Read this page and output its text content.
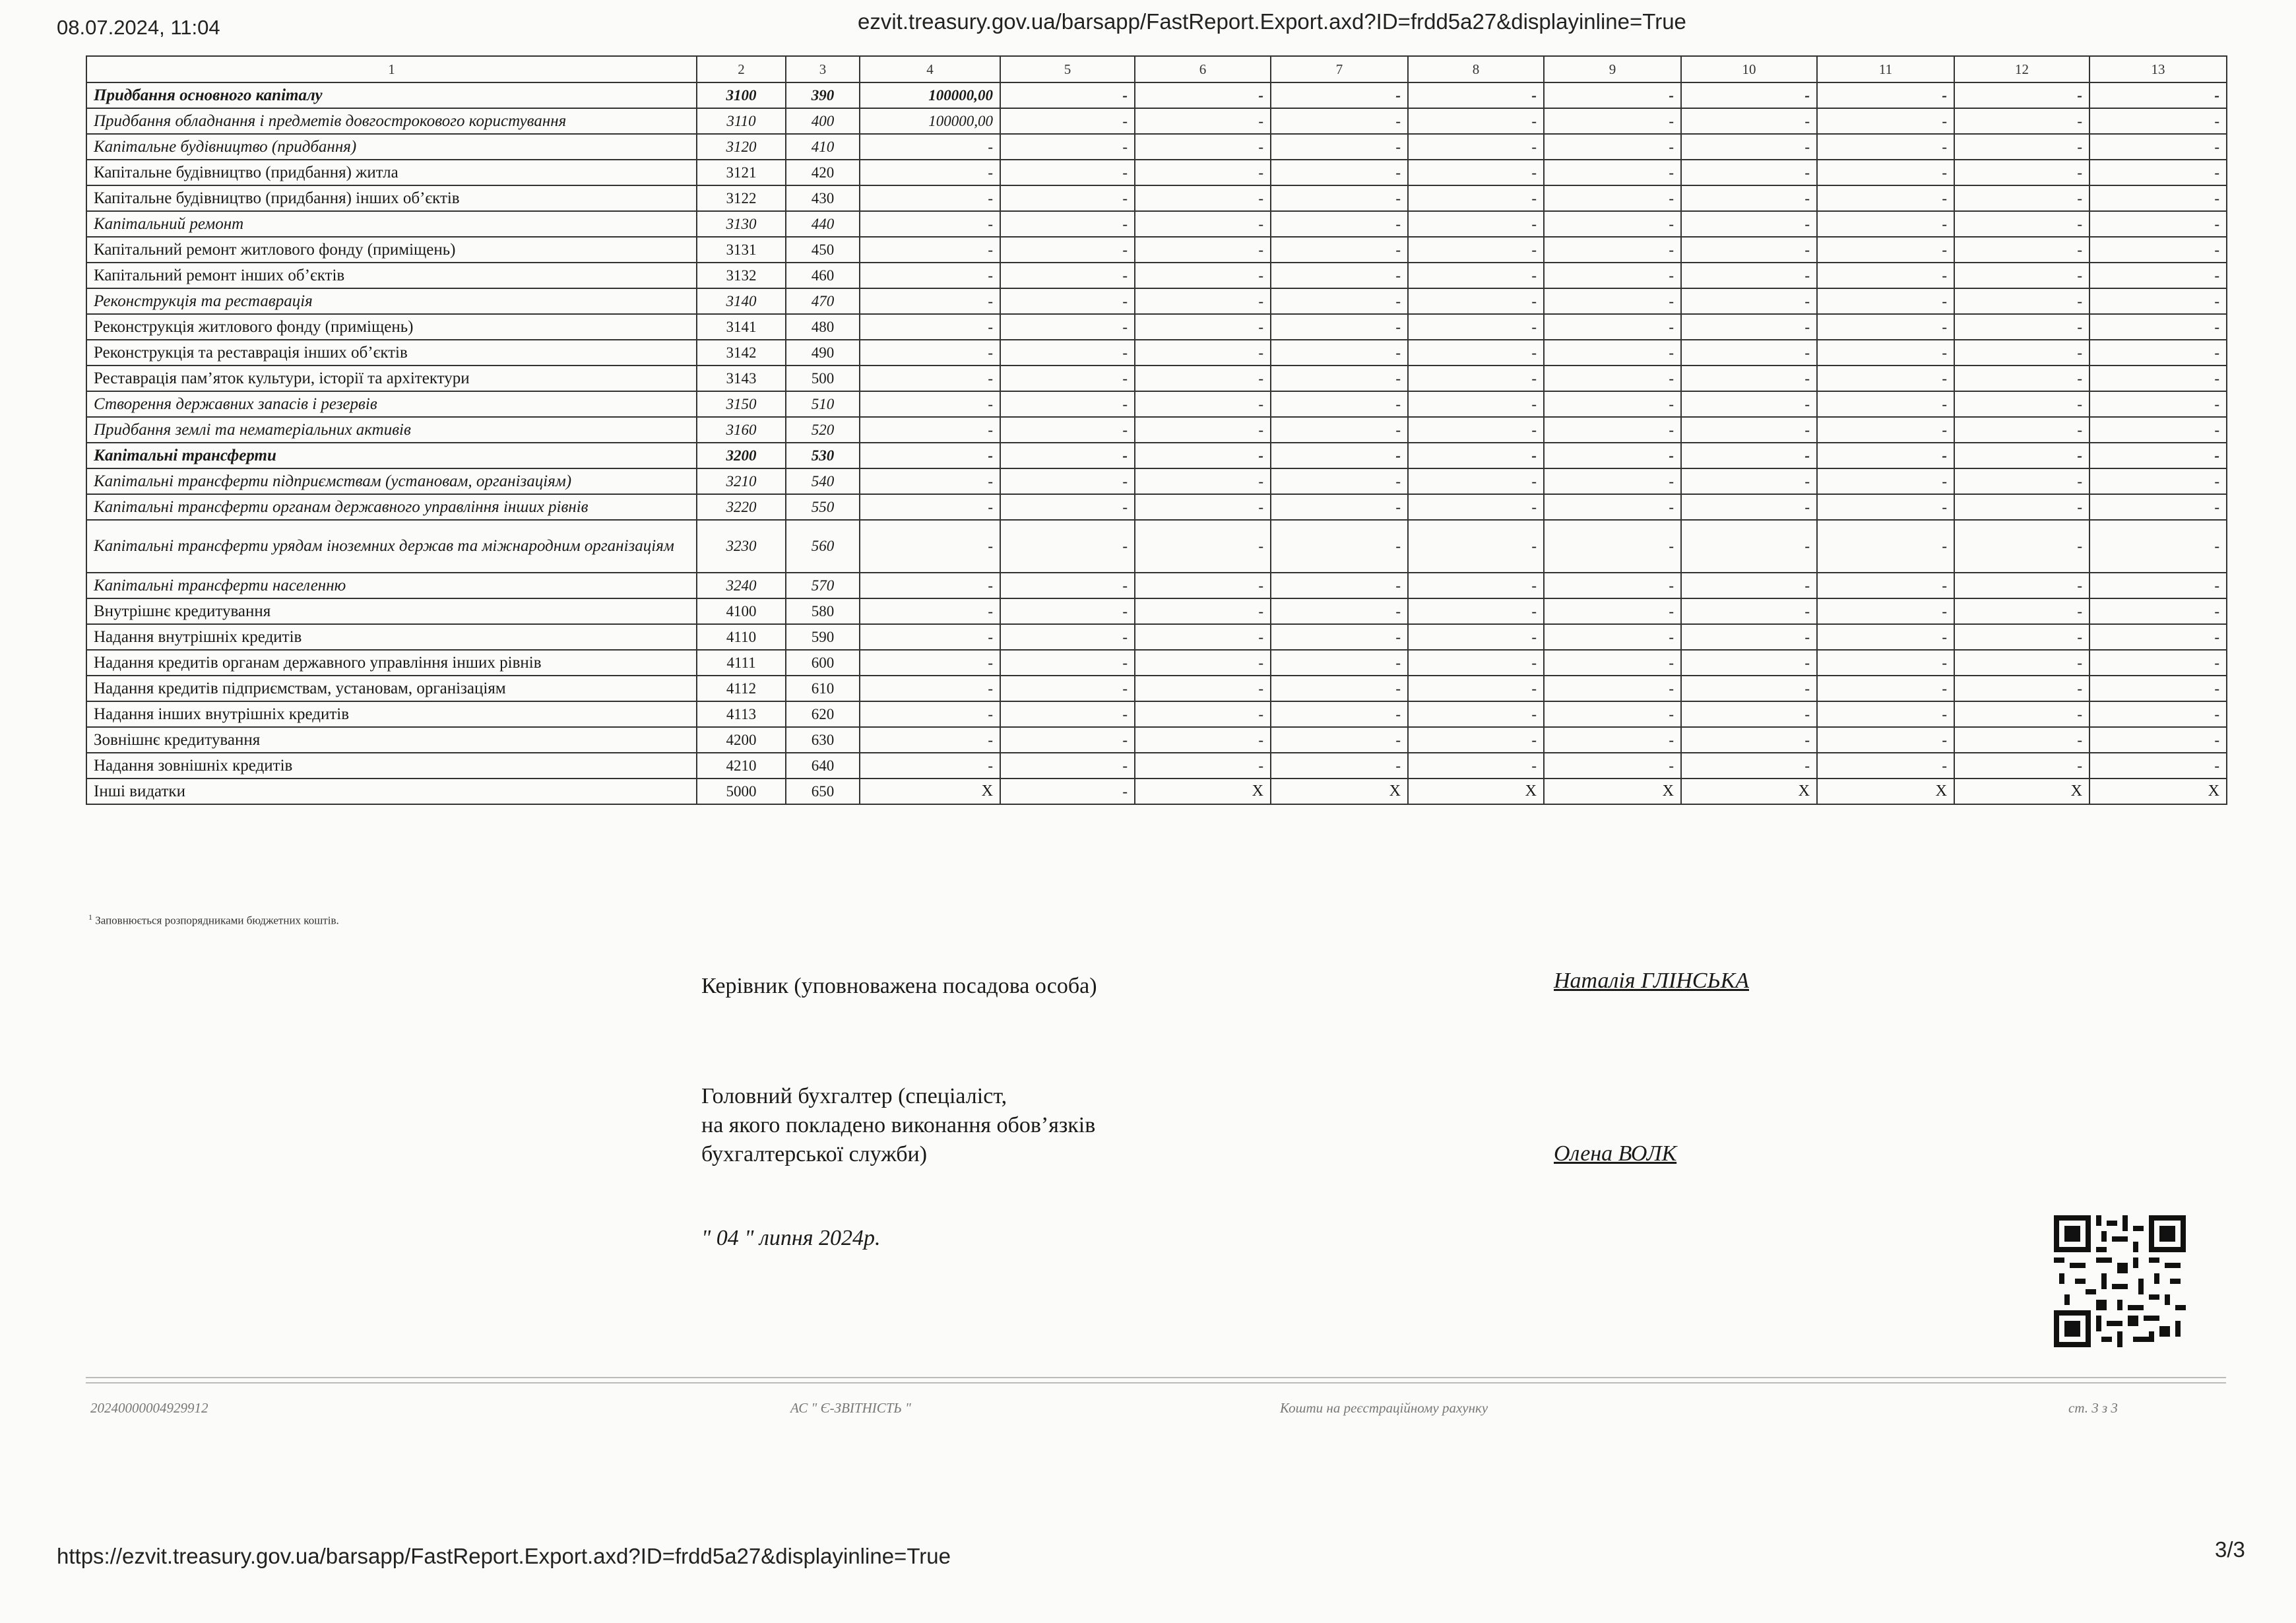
08.07.2024, 11:04	ezvit.treasury.gov.ua/barsapp/FastReport.Export.axd?ID=frdd5a27&displayinline=True
1	2	3	4	5	6	7	8	9	10	11	12	13
Придбання основного капіталу	3100	390	100000,00	-	-	-	-	-	-	-	-	-
Придбання обладнання і предметів довгострокового користування	3110	400	100000,00	-	-	-	-	-	-	-	-	-
Капітальне будівництво (придбання)	3120	410	-	-	-	-	-	-	-	-	-	-
Капітальне будівництво (придбання) житла	3121	420	-	-	-	-	-	-	-	-	-	-
Капітальне будівництво (придбання) інших об’єктів	3122	430	-	-	-	-	-	-	-	-	-	-
Капітальний ремонт	3130	440	-	-	-	-	-	-	-	-	-	-
Капітальний ремонт житлового фонду (приміщень)	3131	450	-	-	-	-	-	-	-	-	-	-
Капітальний ремонт інших об’єктів	3132	460	-	-	-	-	-	-	-	-	-	-
Реконструкція та реставрація	3140	470	-	-	-	-	-	-	-	-	-	-
Реконструкція житлового фонду (приміщень)	3141	480	-	-	-	-	-	-	-	-	-	-
Реконструкція та реставрація інших об’єктів	3142	490	-	-	-	-	-	-	-	-	-	-
Реставрація пам’яток культури, історії та архітектури	3143	500	-	-	-	-	-	-	-	-	-	-
Створення державних запасів і резервів	3150	510	-	-	-	-	-	-	-	-	-	-
Придбання землі та нематеріальних активів	3160	520	-	-	-	-	-	-	-	-	-	-
Капітальні трансферти	3200	530	-	-	-	-	-	-	-	-	-	-
Капітальні трансферти підприємствам (установам, організаціям)	3210	540	-	-	-	-	-	-	-	-	-	-
Капітальні трансферти органам державного управління інших рівнів	3220	550	-	-	-	-	-	-	-	-	-	-
Капітальні трансферти урядам іноземних держав та міжнародним організаціям	3230	560	-	-	-	-	-	-	-	-	-	-
Капітальні трансферти населенню	3240	570	-	-	-	-	-	-	-	-	-	-
Внутрішнє кредитування	4100	580	-	-	-	-	-	-	-	-	-	-
Надання внутрішніх кредитів	4110	590	-	-	-	-	-	-	-	-	-	-
Надання кредитів органам державного управління інших рівнів	4111	600	-	-	-	-	-	-	-	-	-	-
Надання кредитів підприємствам, установам, організаціям	4112	610	-	-	-	-	-	-	-	-	-	-
Надання інших внутрішніх кредитів	4113	620	-	-	-	-	-	-	-	-	-	-
Зовнішнє кредитування	4200	630	-	-	-	-	-	-	-	-	-	-
Надання зовнішніх кредитів	4210	640	-	-	-	-	-	-	-	-	-	-
Інші видатки	5000	650	X	-	X	X	X	X	X	X	X	X
$^1$ Заповнюється розпорядниками бюджетних коштів.
Керівник (уповноважена посадова особа)	Наталія ГЛІНСЬКА
Головний бухгалтер (спеціаліст,
на якого покладено виконання обов’язків
бухгалтерської служби)	Олена ВОЛК
" 04 " липня 2024р.
20240000004929912	АС " Є-ЗВІТНІСТЬ "	Кошти на реєстраційному рахунку	ст. 3 з 3
https://ezvit.treasury.gov.ua/barsapp/FastReport.Export.axd?ID=frdd5a27&displayinline=True	3/3
